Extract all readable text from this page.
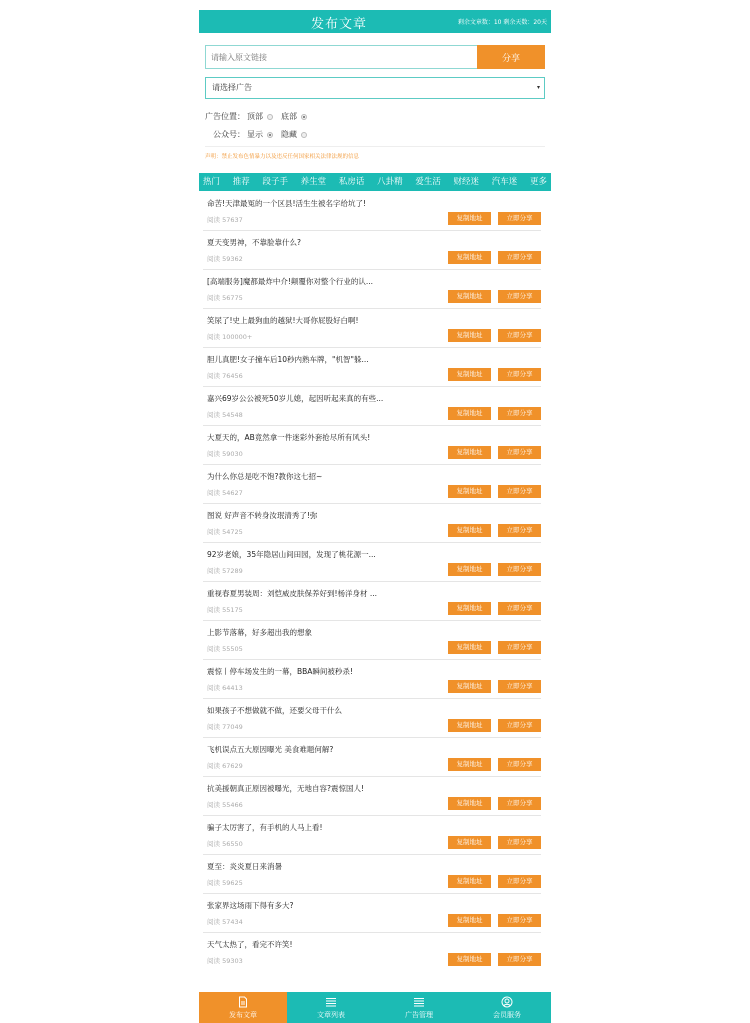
发布文章	剩余文章数：10 剩余天数：20天
请输入原文链接
分享
请选择广告	▾
广告位置： 顶部 底部
公众号： 显示 隐藏
声明：禁止发布色情暴力以及违反任何国家相关法律法规的信息
热门 推荐 段子手 养生堂 私房话 八卦精 爱生活 财经迷 汽车迷 更多
命苦!天津最冤的一个区县!活生生被名字给坑了!
阅读 57637	复制地址	立即分享
夏天变男神，不靠脸靠什么?
阅读 59362	复制地址	立即分享
[高端服务]魔都最炸中介!颠覆你对整个行业的认...
阅读 56775	复制地址	立即分享
笑尿了!史上最狗血的越狱!大哥你屁股好白啊!
阅读 100000+	复制地址	立即分享
胆儿真肥!女子撞车后10秒内熟车牌，"机智"躲...
阅读 76456	复制地址	立即分享
嘉兴69岁公公被死50岁儿媳，起因听起来真的有些...
阅读 54548	复制地址	立即分享
大夏天的，AB竟然拿一件迷彩外套抢尽所有风头!
阅读 59030	复制地址	立即分享
为什么你总是吃不饱?教你这七招~
阅读 54627	复制地址	立即分享
图说 好声音不转身汝珉清秀了!弥
阅读 54725	复制地址	立即分享
92岁老娘，35年隐居山间田园，发现了桃花源一...
阅读 57289	复制地址	立即分享
重视春夏男装周：刘恺威皮肤保养好到!杨洋身材 ...
阅读 55175	复制地址	立即分享
上影节落幕，好多超出我的想象
阅读 55505	复制地址	立即分享
震惊丨停车场发生的一幕，BBA瞬间被秒杀!
阅读 64413	复制地址	立即分享
如果孩子不想做就不做，还要父母干什么
阅读 77049	复制地址	立即分享
飞机误点五大原因曝光 美食难题何解?
阅读 67629	复制地址	立即分享
抗美援朝真正原因被曝光，无地自容?震惊国人!
阅读 55466	复制地址	立即分享
骗子太厉害了，有手机的人马上看!
阅读 56550	复制地址	立即分享
夏至：炎炎夏日来消暑
阅读 59625	复制地址	立即分享
张家界这场雨下得有多大?
阅读 57434	复制地址	立即分享
天气太热了，看完不许笑!
阅读 59303	复制地址	立即分享
发布文章	文章列表	广告管理	会员服务
